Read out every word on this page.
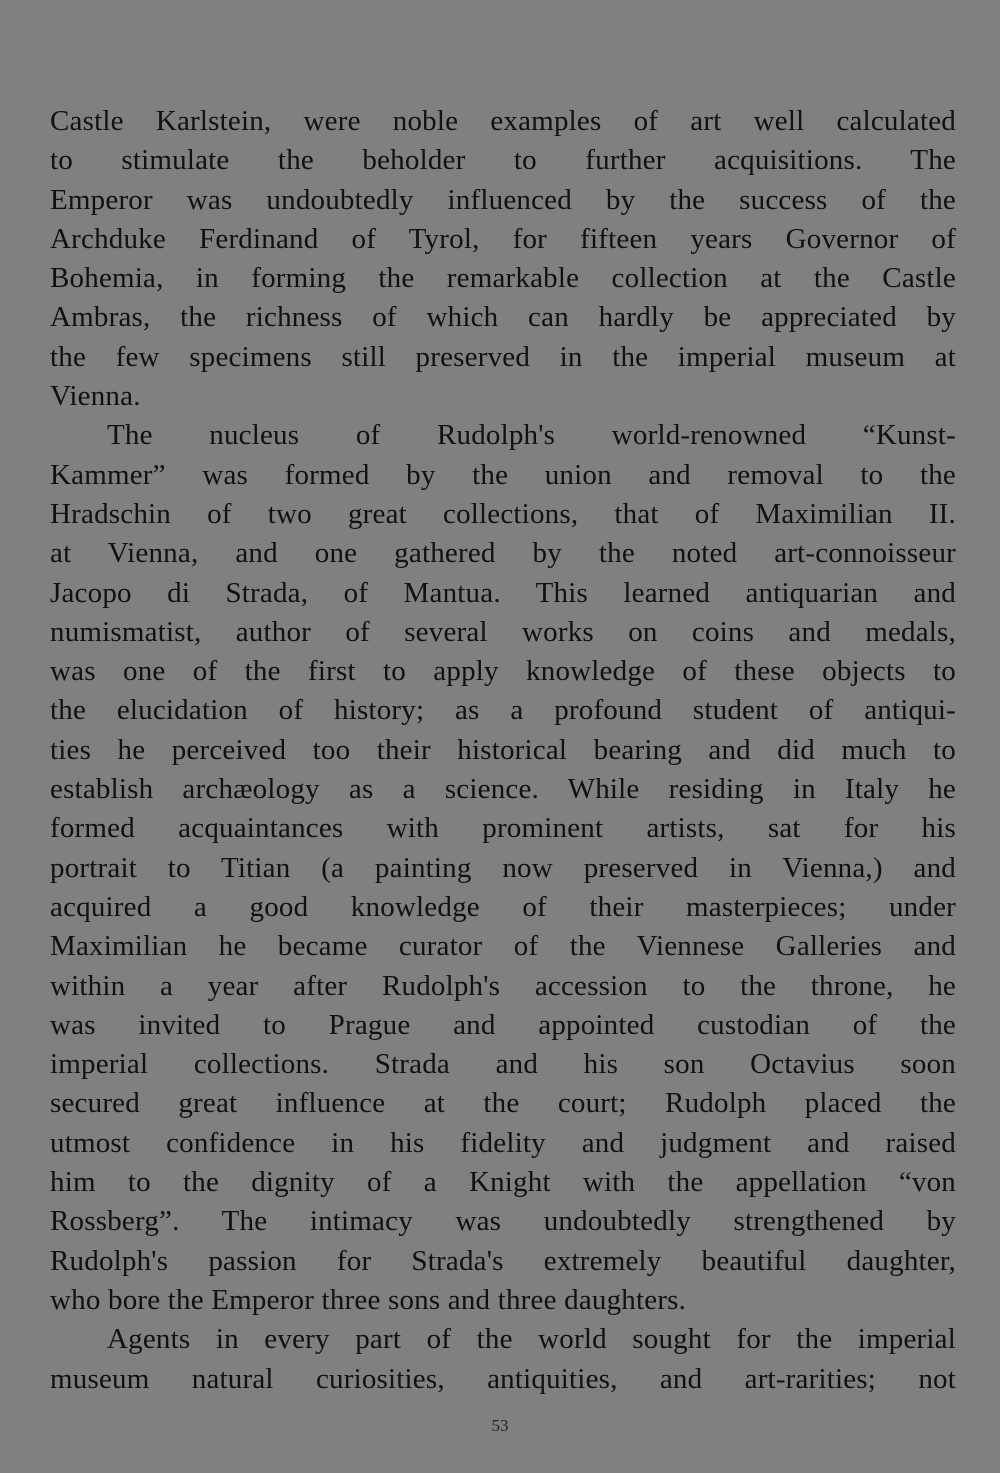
Castle Karlstein, were noble examples of art well calculated
to stimulate the beholder to further acquisitions. The
Emperor was undoubtedly influenced by the success of the
Archduke Ferdinand of Tyrol, for fifteen years Governor of
Bohemia, in forming the remarkable collection at the Castle
Ambras, the richness of which can hardly be appreciated by
the few specimens still preserved in the imperial museum at
Vienna.
The nucleus of Rudolph's world-renowned “Kunst-
Kammer” was formed by the union and removal to the
Hradschin of two great collections, that of Maximilian II.
at Vienna, and one gathered by the noted art-connoisseur
Jacopo di Strada, of Mantua. This learned antiquarian and
numismatist, author of several works on coins and medals,
was one of the first to apply knowledge of these objects to
the elucidation of history; as a profound student of antiqui-
ties he perceived too their historical bearing and did much to
establish archæology as a science. While residing in Italy he
formed acquaintances with prominent artists, sat for his
portrait to Titian (a painting now preserved in Vienna,) and
acquired a good knowledge of their masterpieces; under
Maximilian he became curator of the Viennese Galleries and
within a year after Rudolph's accession to the throne, he
was invited to Prague and appointed custodian of the
imperial collections. Strada and his son Octavius soon
secured great influence at the court; Rudolph placed the
utmost confidence in his fidelity and judgment and raised
him to the dignity of a Knight with the appellation “von
Rossberg”. The intimacy was undoubtedly strengthened by
Rudolph's passion for Strada's extremely beautiful daughter,
who bore the Emperor three sons and three daughters.
Agents in every part of the world sought for the imperial
museum natural curiosities, antiquities, and art-rarities; not
53
